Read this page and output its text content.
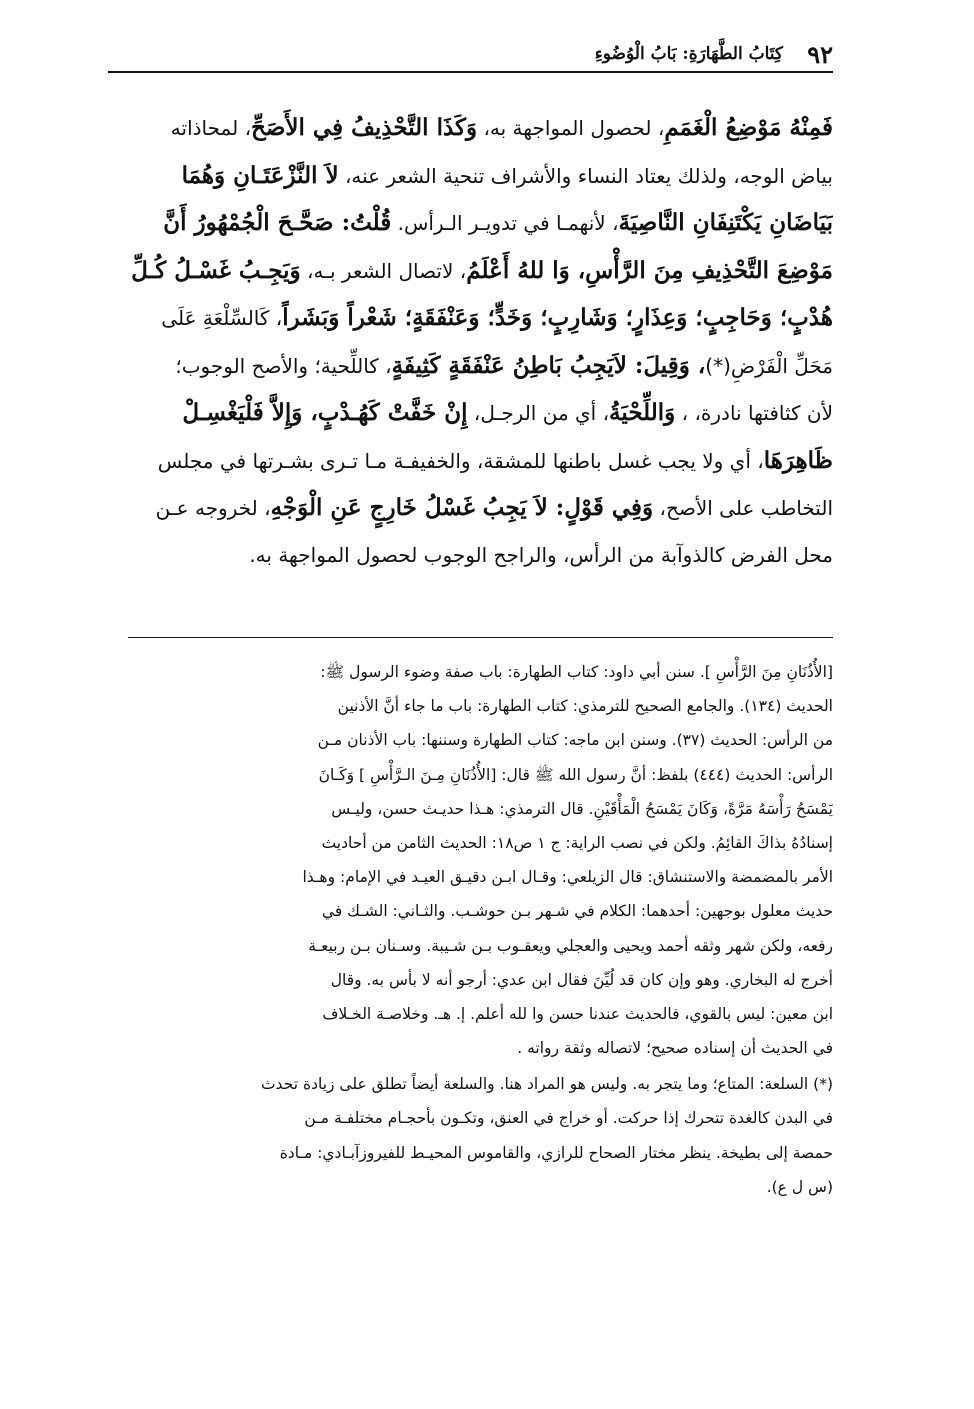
٩٢
كِتَابُ الطَّهَارَةِ: بَابُ الْوُضُوءِ
فَمِنْهُ مَوْضِعُ الْغَمَمِ، لحصول المواجهة به، وَكَذَا التَّحْذِيفُ فِي الأَصَحِّ، لمحاذاته
بياض الوجه، ولذلك يعتاد النساء والأشراف تنحية الشعر عنه، لاَ النَّزْعَتَـانِ وَهُمَا
بَيَاضَانِ يَكْتَنِفَانِ النَّاصِيَةَ، لأنهمـا في تدويـر الـرأس. قُلْتُ: صَحَّـحَ الْجُمْهُورُ أَنَّ
مَوْضِعَ التَّحْذِيفِ مِنَ الرَّأْسِ، وَا للهُ أَعْلَمُ، لاتصال الشعر بـه، وَيَجِـبُ غَسْـلُ كُـلِّ
هُدْبٍ؛ وَحَاجِبٍ؛ وَعِذَارٍ؛ وَشَارِبٍ؛ وَخَدٍّ؛ وَعَنْفَقَةٍ؛ شَعْراً وَبَشَراً، كَالسِّلْعَةِ عَلَى
مَحَلِّ الْفَرْضِ(*)، وَقِيلَ: لاَيَجِبُ بَاطِنُ عَنْفَقَةٍ كَثِيفَةٍ، كاللِّحية؛ والأصح الوجوب؛
لأن كثافتها نادرة، ، وَاللِّحْيَةُ، أي من الرجـل، إِنْ خَفَّتْ كَهُـدْبٍ، وَإِلاَّ فَلْيَغْسِـلْ
ظَاهِرَهَا، أي ولا يجب غسل باطنها للمشقة، والخفيفـة مـا تـرى بشـرتها في مجلس
التخاطب على الأصح، وَفِي قَوْلٍ: لاَ يَجِبُ غَسْلُ خَارِجٍ عَنِ الْوَجْهِ، لخروجه عـن
محل الفرض كالذوآبة من الرأس، والراجح الوجوب لحصول المواجهة به.
[الأُذُنَانِ مِنَ الرَّأْسِ ]. سنن أبي داود: كتاب الطهارة: باب صفة وضوء الرسول ﷺ:
الحديث (١٣٤). والجامع الصحيح للترمذي: كتاب الطهارة: باب ما جاء أنَّ الأذنين
من الرأس: الحديث (٣٧). وسنن ابن ماجه: كتاب الطهارة وسننها: باب الأذنان مـن
الرأس: الحديث (٤٤٤) بلفظ: أنَّ رسول الله ﷺ قال: [الأُذُنَانِ مِـنَ الـرَّأْسِ ] وَكَـانَ
يَمْسَحُ رَأْسَهُ مَرَّةً، وَكَانَ يَمْسَحُ الْمَأْقَيْنِ. قال الترمذي: هـذا حديـث حسن، وليـس
إسنادُهُ بذاكَ القائِمُ. ولكن في نصب الراية: ج ١ ص١٨: الحديث الثامن من أحاديث
الأمر بالمضمضة والاستنشاق: قال الزيلعي: وقـال ابـن دقيـق العيـد في الإمام: وهـذا
حديث معلول بوجهين: أحدهما: الكلام في شـهر بـن حوشـب. والثـاني: الشـك في
رفعه، ولكن شهر وثقه أحمد ويحيى والعجلي ويعقـوب بـن شـيبة. وسـنان بـن ربيعـة
أخرج له البخاري. وهو وإن كان قد لُيِّنَ فقال ابن عدي: أرجو أنه لا بأس به. وقال
ابن معين: ليس بالقوي، فالحديث عندنا حسن وا لله أعلم. إ. هـ. وخلاصـة الخـلاف
في الحديث أن إسناده صحيح؛ لاتصاله وثقة رواته .
(*) السلعة: المتاع؛ وما يتجر به. وليس هو المراد هنا. والسلعة أيضاً تطلق على زيادة تحدث
في البدن كالغدة تتحرك إذا حركت. أو خراج في العنق، وتكـون بأحجـام مختلفـة مـن
حمصة إلى بطيخة. ينظر مختار الصحاح للرازي، والقاموس المحيـط للفيروزآبـادي: مـادة
(س ل ع).
